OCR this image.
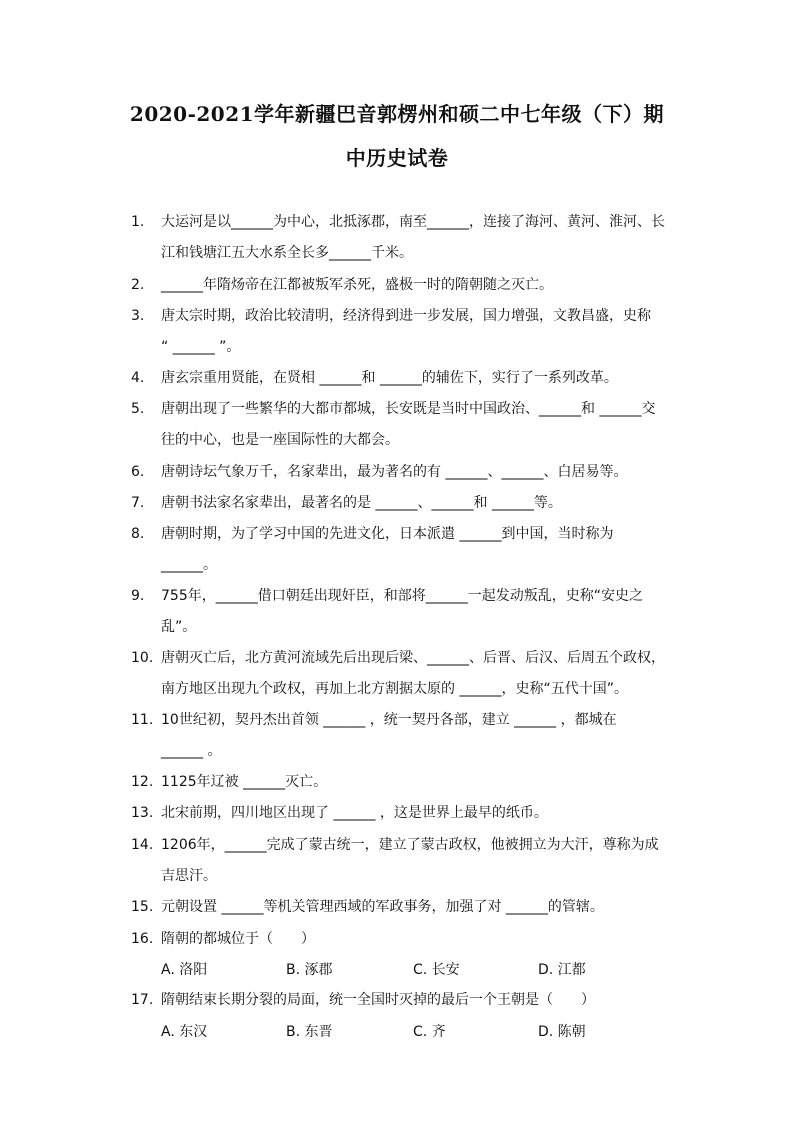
2020-2021学年新疆巴音郭楞州和硕二中七年级（下）期
中历史试卷
1. 大运河是以______为中心，北抵涿郡，南至______，连接了海河、黄河、淮河、长
江和钱塘江五大水系全长多______千米。
2. ______年隋炀帝在江都被叛军杀死，盛极一时的隋朝随之灭亡。
3. 唐太宗时期，政治比较清明，经济得到进一步发展，国力增强，文教昌盛，史称
“ ______ ”。
4. 唐玄宗重用贤能，在贤相 ______和 ______的辅佐下，实行了一系列改革。
5. 唐朝出现了一些繁华的大都市都城，长安既是当时中国政治、______和 ______交
往的中心，也是一座国际性的大都会。
6. 唐朝诗坛气象万千，名家辈出，最为著名的有 ______、______、白居易等。
7. 唐朝书法家名家辈出，最著名的是 ______、______和 ______等。
8. 唐朝时期，为了学习中国的先进文化，日本派遣 ______到中国，当时称为
______。
9. 755年，______借口朝廷出现奸臣，和部将______一起发动叛乱，史称“安史之
乱”。
10. 唐朝灭亡后，北方黄河流域先后出现后梁、______、后晋、后汉、后周五个政权，
南方地区出现九个政权，再加上北方割据太原的 ______，史称“五代十国”。
11. 10世纪初，契丹杰出首领 ______ ，统一契丹各部，建立 ______ ，都城在
______ 。
12. 1125年辽被 ______灭亡。
13. 北宋前期，四川地区出现了 ______ ，这是世界上最早的纸币。
14. 1206年，______完成了蒙古统一，建立了蒙古政权，他被拥立为大汗，尊称为成
吉思汗。
15. 元朝设置 ______等机关管理西域的军政事务，加强了对 ______的管辖。
16. 隋朝的都城位于（　　）
A. 洛阳	B. 涿郡	C. 长安	D. 江都
17. 隋朝结束长期分裂的局面，统一全国时灭掉的最后一个王朝是（　　）
A. 东汉	B. 东晋	C. 齐	D. 陈朝
